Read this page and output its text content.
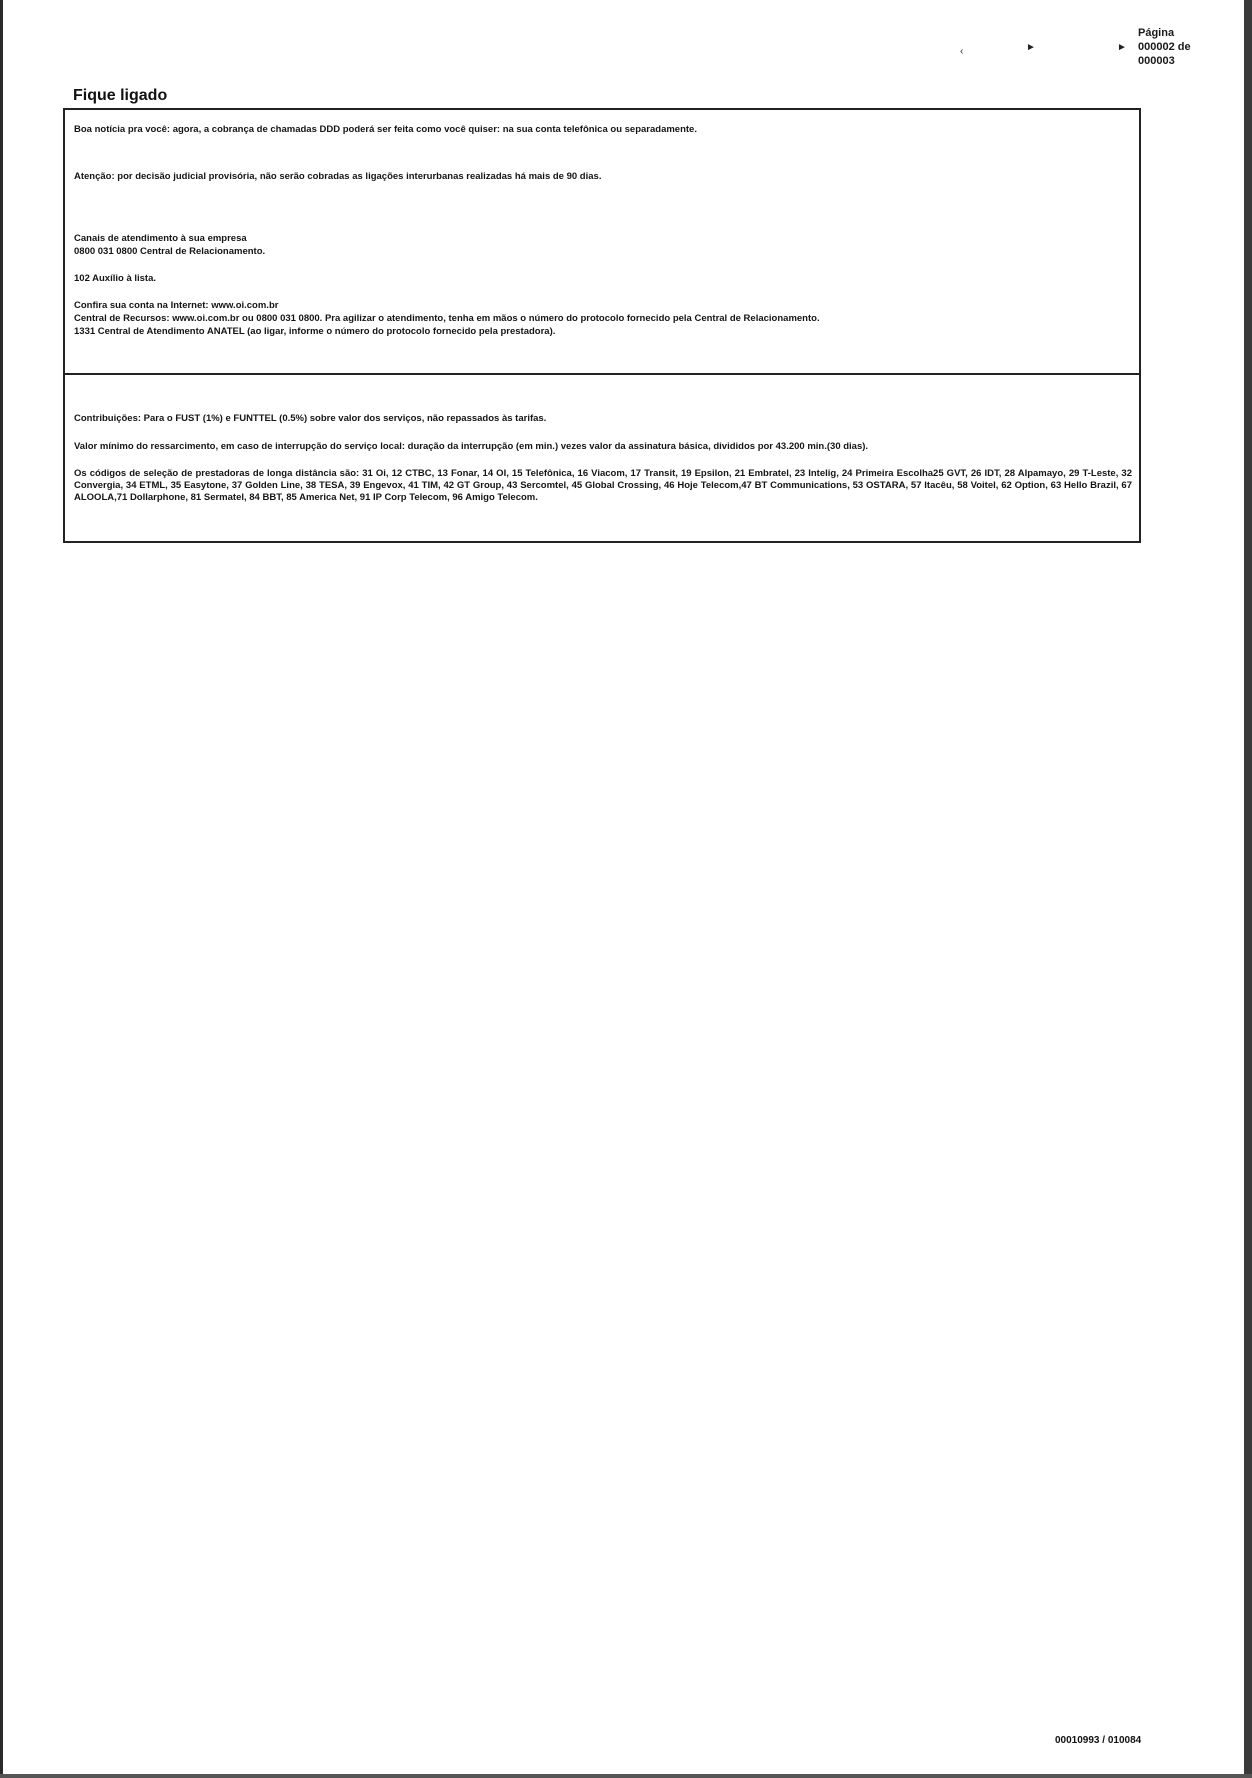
‹	►	►
Página
000002 de
000003
Fique ligado
Boa notícia pra você: agora, a cobrança de chamadas DDD poderá ser feita como você quiser: na sua conta telefônica ou separadamente.
Atenção: por decisão judicial provisória, não serão cobradas as ligações interurbanas realizadas há mais de 90 dias.
Canais de atendimento à sua empresa
0800 031 0800 Central de Relacionamento.
102 Auxílio à lista.
Confira sua conta na Internet: www.oi.com.br
Central de Recursos: www.oi.com.br ou 0800 031 0800. Pra agilizar o atendimento, tenha em mãos o número do protocolo fornecido pela Central de Relacionamento.
1331 Central de Atendimento ANATEL (ao ligar, informe o número do protocolo fornecido pela prestadora).
Contribuições: Para o FUST (1%) e FUNTTEL (0.5%) sobre valor dos serviços, não repassados às tarifas.
Valor mínimo do ressarcimento, em caso de interrupção do serviço local: duração da interrupção (em min.) vezes valor da assinatura básica, divididos por 43.200 min.(30 dias).
Os códigos de seleção de prestadoras de longa distância são: 31 Oi, 12 CTBC, 13 Fonar, 14 OI, 15 Telefônica, 16 Viacom, 17 Transit, 19 Epsilon, 21 Embratel, 23 Intelig, 24 Primeira Escolha25 GVT, 26 IDT, 28 Alpamayo, 29 T-Leste, 32 Convergia, 34 ETML, 35 Easytone, 37 Golden Line, 38 TESA, 39 Engevox, 41 TIM, 42 GT Group, 43 Sercomtel, 45 Global Crossing, 46 Hoje Telecom,47 BT Communications, 53 OSTARA, 57 Itacêu, 58 Voitel, 62 Option, 63 Hello Brazil, 67 ALOOLA,71 Dollarphone, 81 Sermatel, 84 BBT, 85 America Net, 91 IP Corp Telecom, 96 Amigo Telecom.
00010993 / 010084
